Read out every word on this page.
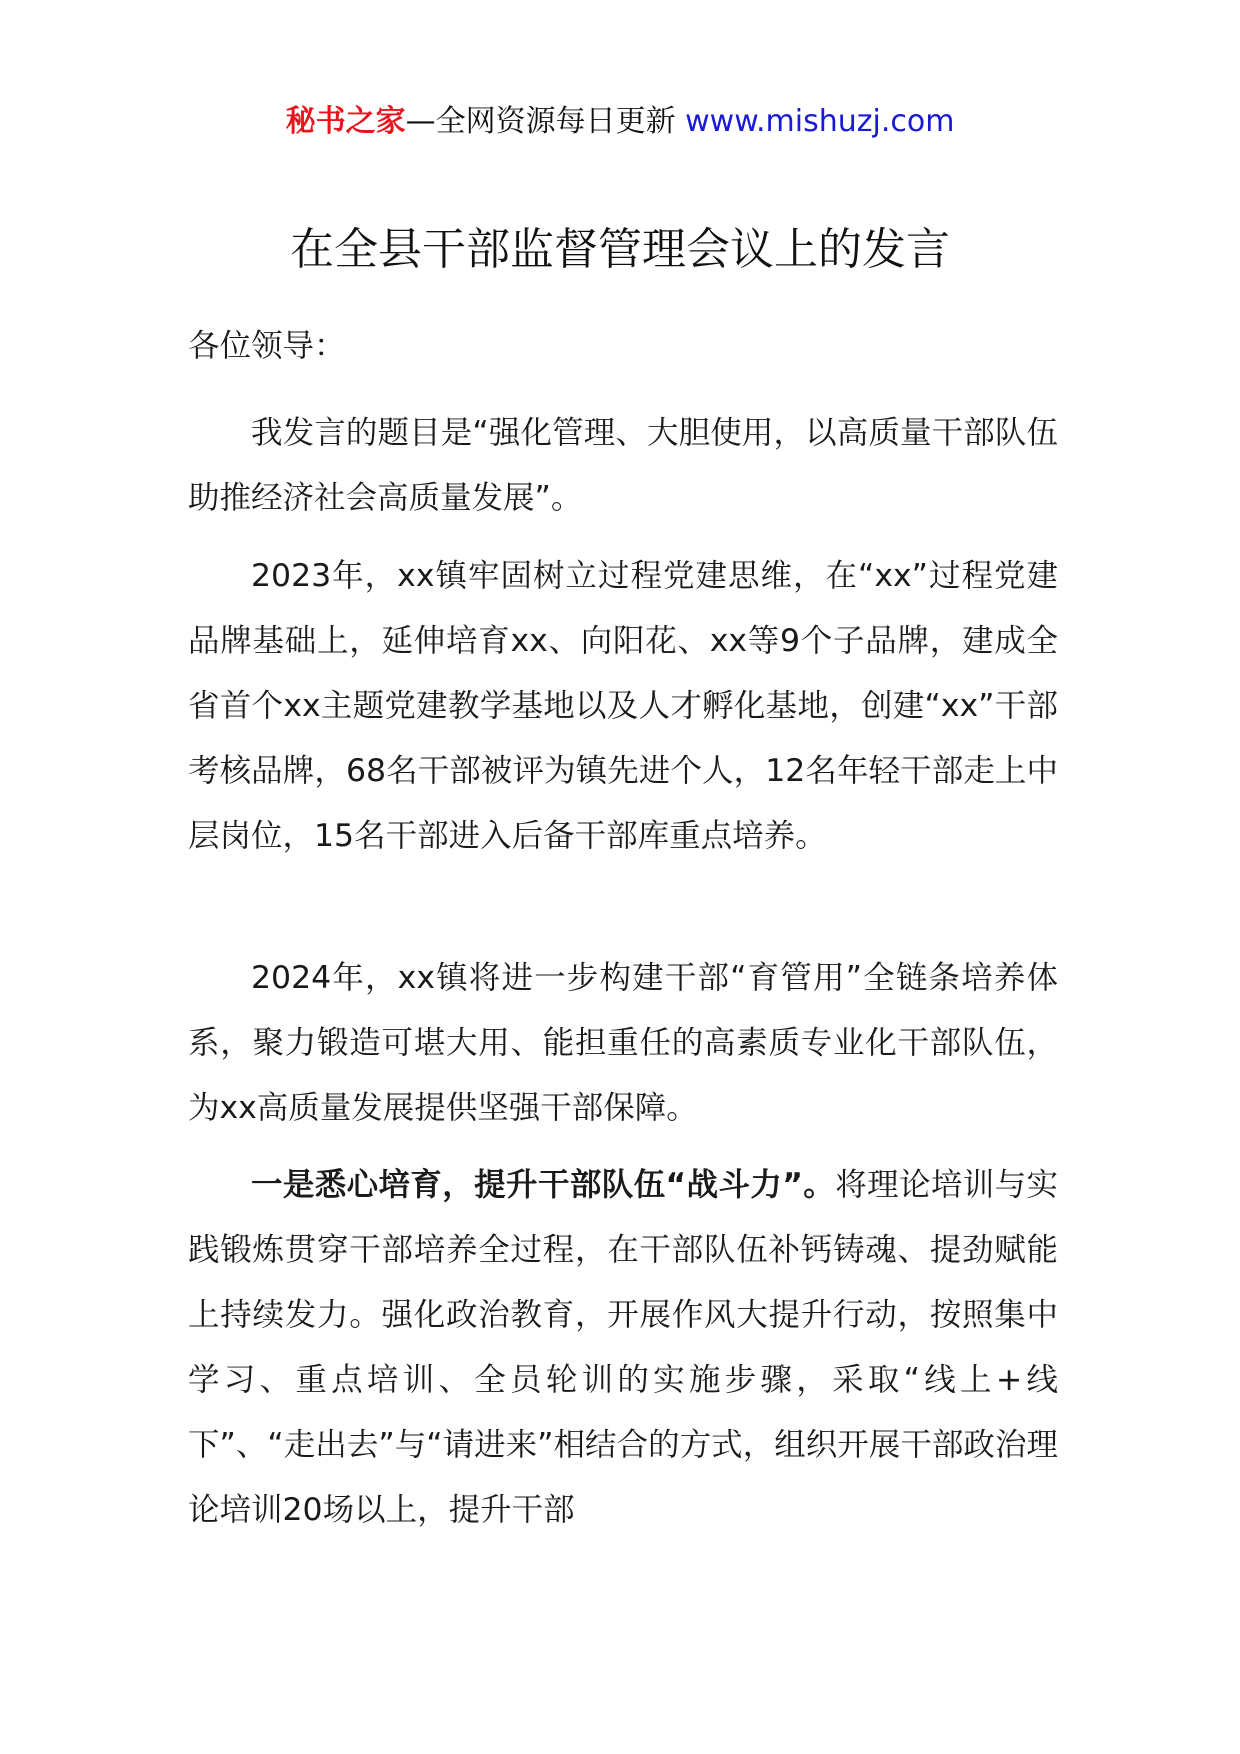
秘书之家—全网资源每日更新 www.mishuzj.com
在全县干部监督管理会议上的发言
各位领导：

我发言的题目是“强化管理、大胆使用，以高质量干部队伍助推经济社会高质量发展”。

2023年，xx镇牢固树立过程党建思维，在“xx”过程党建品牌基础上，延伸培育xx、向阳花、xx等9个子品牌，建成全省首个xx主题党建教学基地以及人才孵化基地，创建“xx”干部考核品牌，68名干部被评为镇先进个人，12名年轻干部走上中层岗位，15名干部进入后备干部库重点培养。

2024年，xx镇将进一步构建干部“育管用”全链条培养体系，聚力锻造可堪大用、能担重任的高素质专业化干部队伍，为xx高质量发展提供坚强干部保障。

一是悉心培育，提升干部队伍“战斗力”。将理论培训与实践锻炼贯穿干部培养全过程，在干部队伍补钙铸魂、提劲赋能上持续发力。强化政治教育，开展作风大提升行动，按照集中学习、重点培训、全员轮训的实施步骤，采取“线上+线下”、“走出去”与“请进来”相结合的方式，组织开展干部政治理论培训20场以上，提升干部
